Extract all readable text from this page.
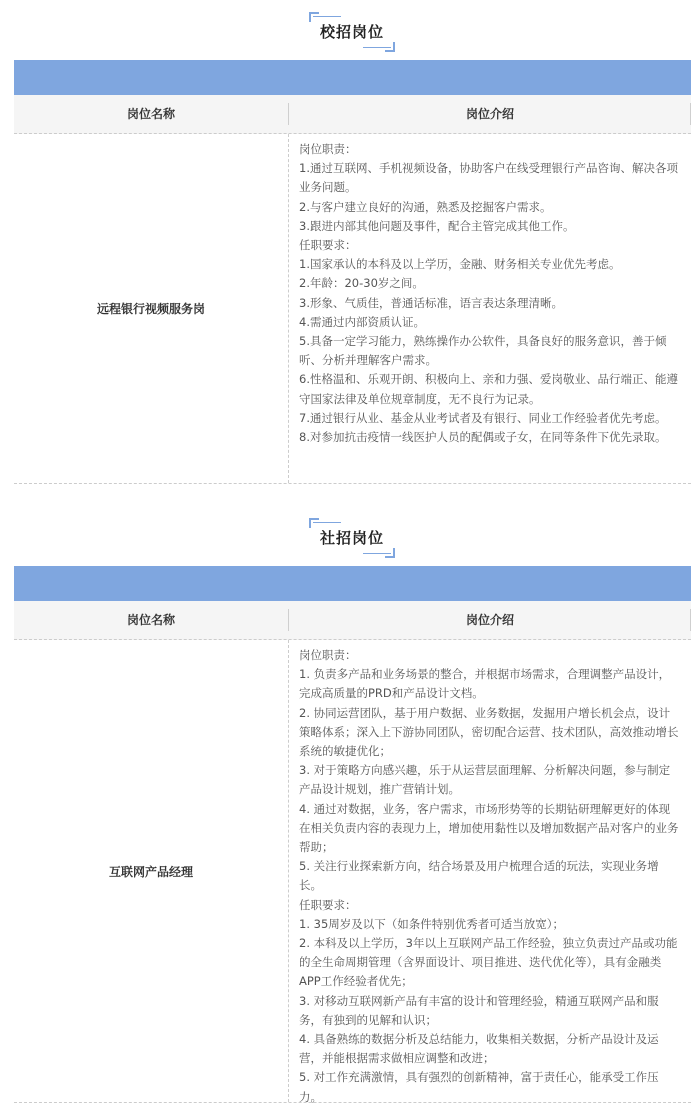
校招岗位
岗位名称	岗位介绍
远程银行视频服务岗
岗位职责：
1.通过互联网、手机视频设备，协助客户在线受理银行产品咨询、解决各项业务问题。
2.与客户建立良好的沟通，熟悉及挖掘客户需求。
3.跟进内部其他问题及事件，配合主管完成其他工作。
任职要求：
1.国家承认的本科及以上学历，金融、财务相关专业优先考虑。
2.年龄：20-30岁之间。
3.形象、气质佳，普通话标准，语言表达条理清晰。
4.需通过内部资质认证。
5.具备一定学习能力，熟练操作办公软件，具备良好的服务意识，善于倾听、分析并理解客户需求。
6.性格温和、乐观开朗、积极向上、亲和力强、爱岗敬业、品行端正、能遵守国家法律及单位规章制度，无不良行为记录。
7.通过银行从业、基金从业考试者及有银行、同业工作经验者优先考虑。
8.对参加抗击疫情一线医护人员的配偶或子女，在同等条件下优先录取。
社招岗位
岗位名称	岗位介绍
互联网产品经理
岗位职责：
1. 负责多产品和业务场景的整合，并根据市场需求，合理调整产品设计，完成高质量的PRD和产品设计文档。
2. 协同运营团队，基于用户数据、业务数据，发掘用户增长机会点，设计策略体系；深入上下游协同团队，密切配合运营、技术团队，高效推动增长系统的敏捷优化；
3. 对于策略方向感兴趣，乐于从运营层面理解、分析解决问题，参与制定产品设计规划，推广营销计划。
4. 通过对数据，业务，客户需求，市场形势等的长期钻研理解更好的体现在相关负责内容的表现力上，增加使用黏性以及增加数据产品对客户的业务帮助；
5. 关注行业探索新方向，结合场景及用户梳理合适的玩法，实现业务增长。
任职要求：
1. 35周岁及以下（如条件特别优秀者可适当放宽）；
2. 本科及以上学历，3年以上互联网产品工作经验，独立负责过产品或功能的全生命周期管理（含界面设计、项目推进、迭代优化等），具有金融类APP工作经验者优先；
3. 对移动互联网新产品有丰富的设计和管理经验，精通互联网产品和服务，有独到的见解和认识；
4. 具备熟练的数据分析及总结能力，收集相关数据，分析产品设计及运营，并能根据需求做相应调整和改进；
5. 对工作充满激情，具有强烈的创新精神，富于责任心，能承受工作压力。
